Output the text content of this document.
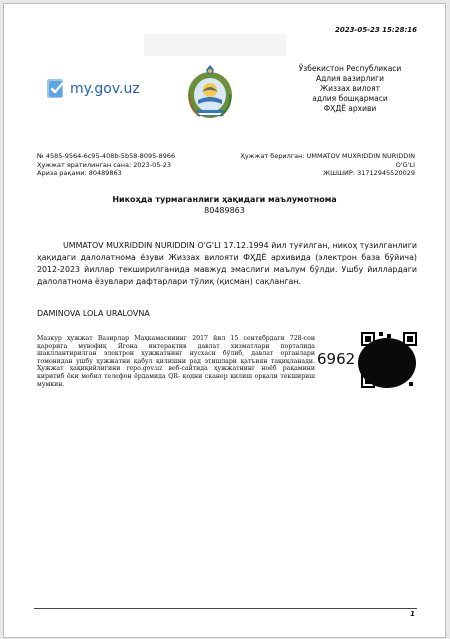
2023-05-23 15:28:16
my.gov.uz
Ўзбекистон Республикаси
Адлия вазирлиги
Жиззах вилоят
адлия бошқармаси
ФҲДЁ архиви
№ 4585-9564-6c95-408b-5b58-8095-8966
Ҳужжат яратилинган сана: 2023-05-23
Ариза рақами: 80489863
Ҳужжат берилган: UMMATOV MUXRIDDIN NURIDDIN
O'G'LI
ЖШШИР: 31712945520029
Никоҳда турмаганлиги ҳақидаги маълумотнома
80489863
UMMATOV MUXRIDDIN NURIDDIN O'G'LI 17.12.1994 йил туғилган, никоҳ тузилганлиги ҳақидаги далолатнома ёзуви Жиззах вилояти ФҲДЁ архивида (электрон база бўйича) 2012-2023 йиллар текширилганида мавжуд эмаслиги маълум бўлди. Ушбу йиллардаги далолатнома ёзувлари дафтарлари тўлиқ (қисман) сақланган.
DAMINOVA LOLA URALOVNA
Мазкур ҳужжат Вазирлар Маҳкамасининг 2017 йил 15 сентябрдаги 728-сон қарорига мувофиқ Ягона интерактив давлат хизматлари порталида шакллантирилган электрон ҳужжатнинг нусхаси бўлиб, давлат органлари томонидан ушбу ҳужжатни қабул қилишни рад этишлари қатъиян тақиқланади. Ҳужжат ҳақиқийлигини repo.gov.uz веб-сайтида ҳужжатнинг ноёб рақамини киритиб ёки мобил телефон ёрдамида QR- кодни сканер қилиш орқали текшириш мумкин.
6962
1
